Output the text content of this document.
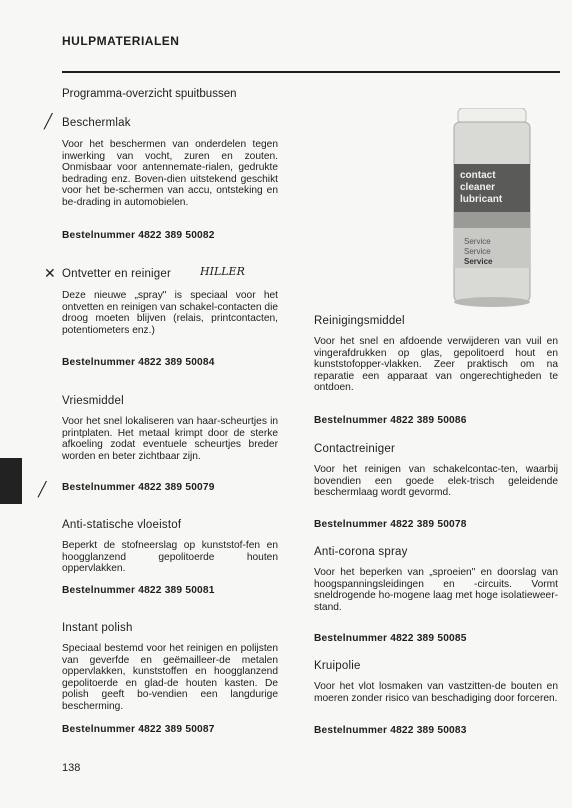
HULPMATERIALEN
Programma-overzicht spuitbussen
╱ Beschermlak
Voor het beschermen van onderdelen tegen inwerking van vocht, zuren en zouten. Onmisbaar voor antennemate-rialen, gedrukte bedrading enz. Boven-dien uitstekend geschikt voor het be-schermen van accu, ontsteking en be-drading in automobielen.
Bestelnummer 4822 389 50082
✕ Ontvetter en reiniger	HILLER
Deze nieuwe „spray" is speciaal voor het ontvetten en reinigen van schakel-contacten die droog moeten blijven (relais, printcontacten, potentiometers enz.)
Bestelnummer 4822 389 50084
Vriesmiddel
Voor het snel lokaliseren van haar-scheurtjes in printplaten. Het metaal krimpt door de sterke afkoeling zodat eventuele scheurtjes breder worden en beter zichtbaar zijn.
╱ Bestelnummer 4822 389 50079
Anti-statische vloeistof
Beperkt de stofneerslag op kunststof-fen en hoogglanzend gepolitoerde houten oppervlakken.
Bestelnummer 4822 389 50081
Instant polish
Speciaal bestemd voor het reinigen en polijsten van geverfde en geëmailleer-de metalen oppervlakken, kunststoffen en hoogglanzend gepolitoerde en glad-de houten kasten. De polish geeft bo-vendien een langdurige bescherming.
Bestelnummer 4822 389 50087
contact
cleaner
lubricant
Service
Service
Service
Reinigingsmiddel
Voor het snel en afdoende verwijderen van vuil en vingerafdrukken op glas, gepolitoerd hout en kunststofopper-vlakken. Zeer praktisch om na reparatie een apparaat van ongerechtigheden te ontdoen.
Bestelnummer 4822 389 50086
Contactreiniger
Voor het reinigen van schakelcontac-ten, waarbij bovendien een goede elek-trisch geleidende beschermlaag wordt gevormd.
Bestelnummer 4822 389 50078
Anti-corona spray
Voor het beperken van „sproeien" en doorslag van hoogspanningsleidingen en -circuits. Vormt sneldrogende ho-mogene laag met hoge isolatieweer-stand.
Bestelnummer 4822 389 50085
Kruipolie
Voor het vlot losmaken van vastzitten-de bouten en moeren zonder risico van beschadiging door forceren.
Bestelnummer 4822 389 50083
138
